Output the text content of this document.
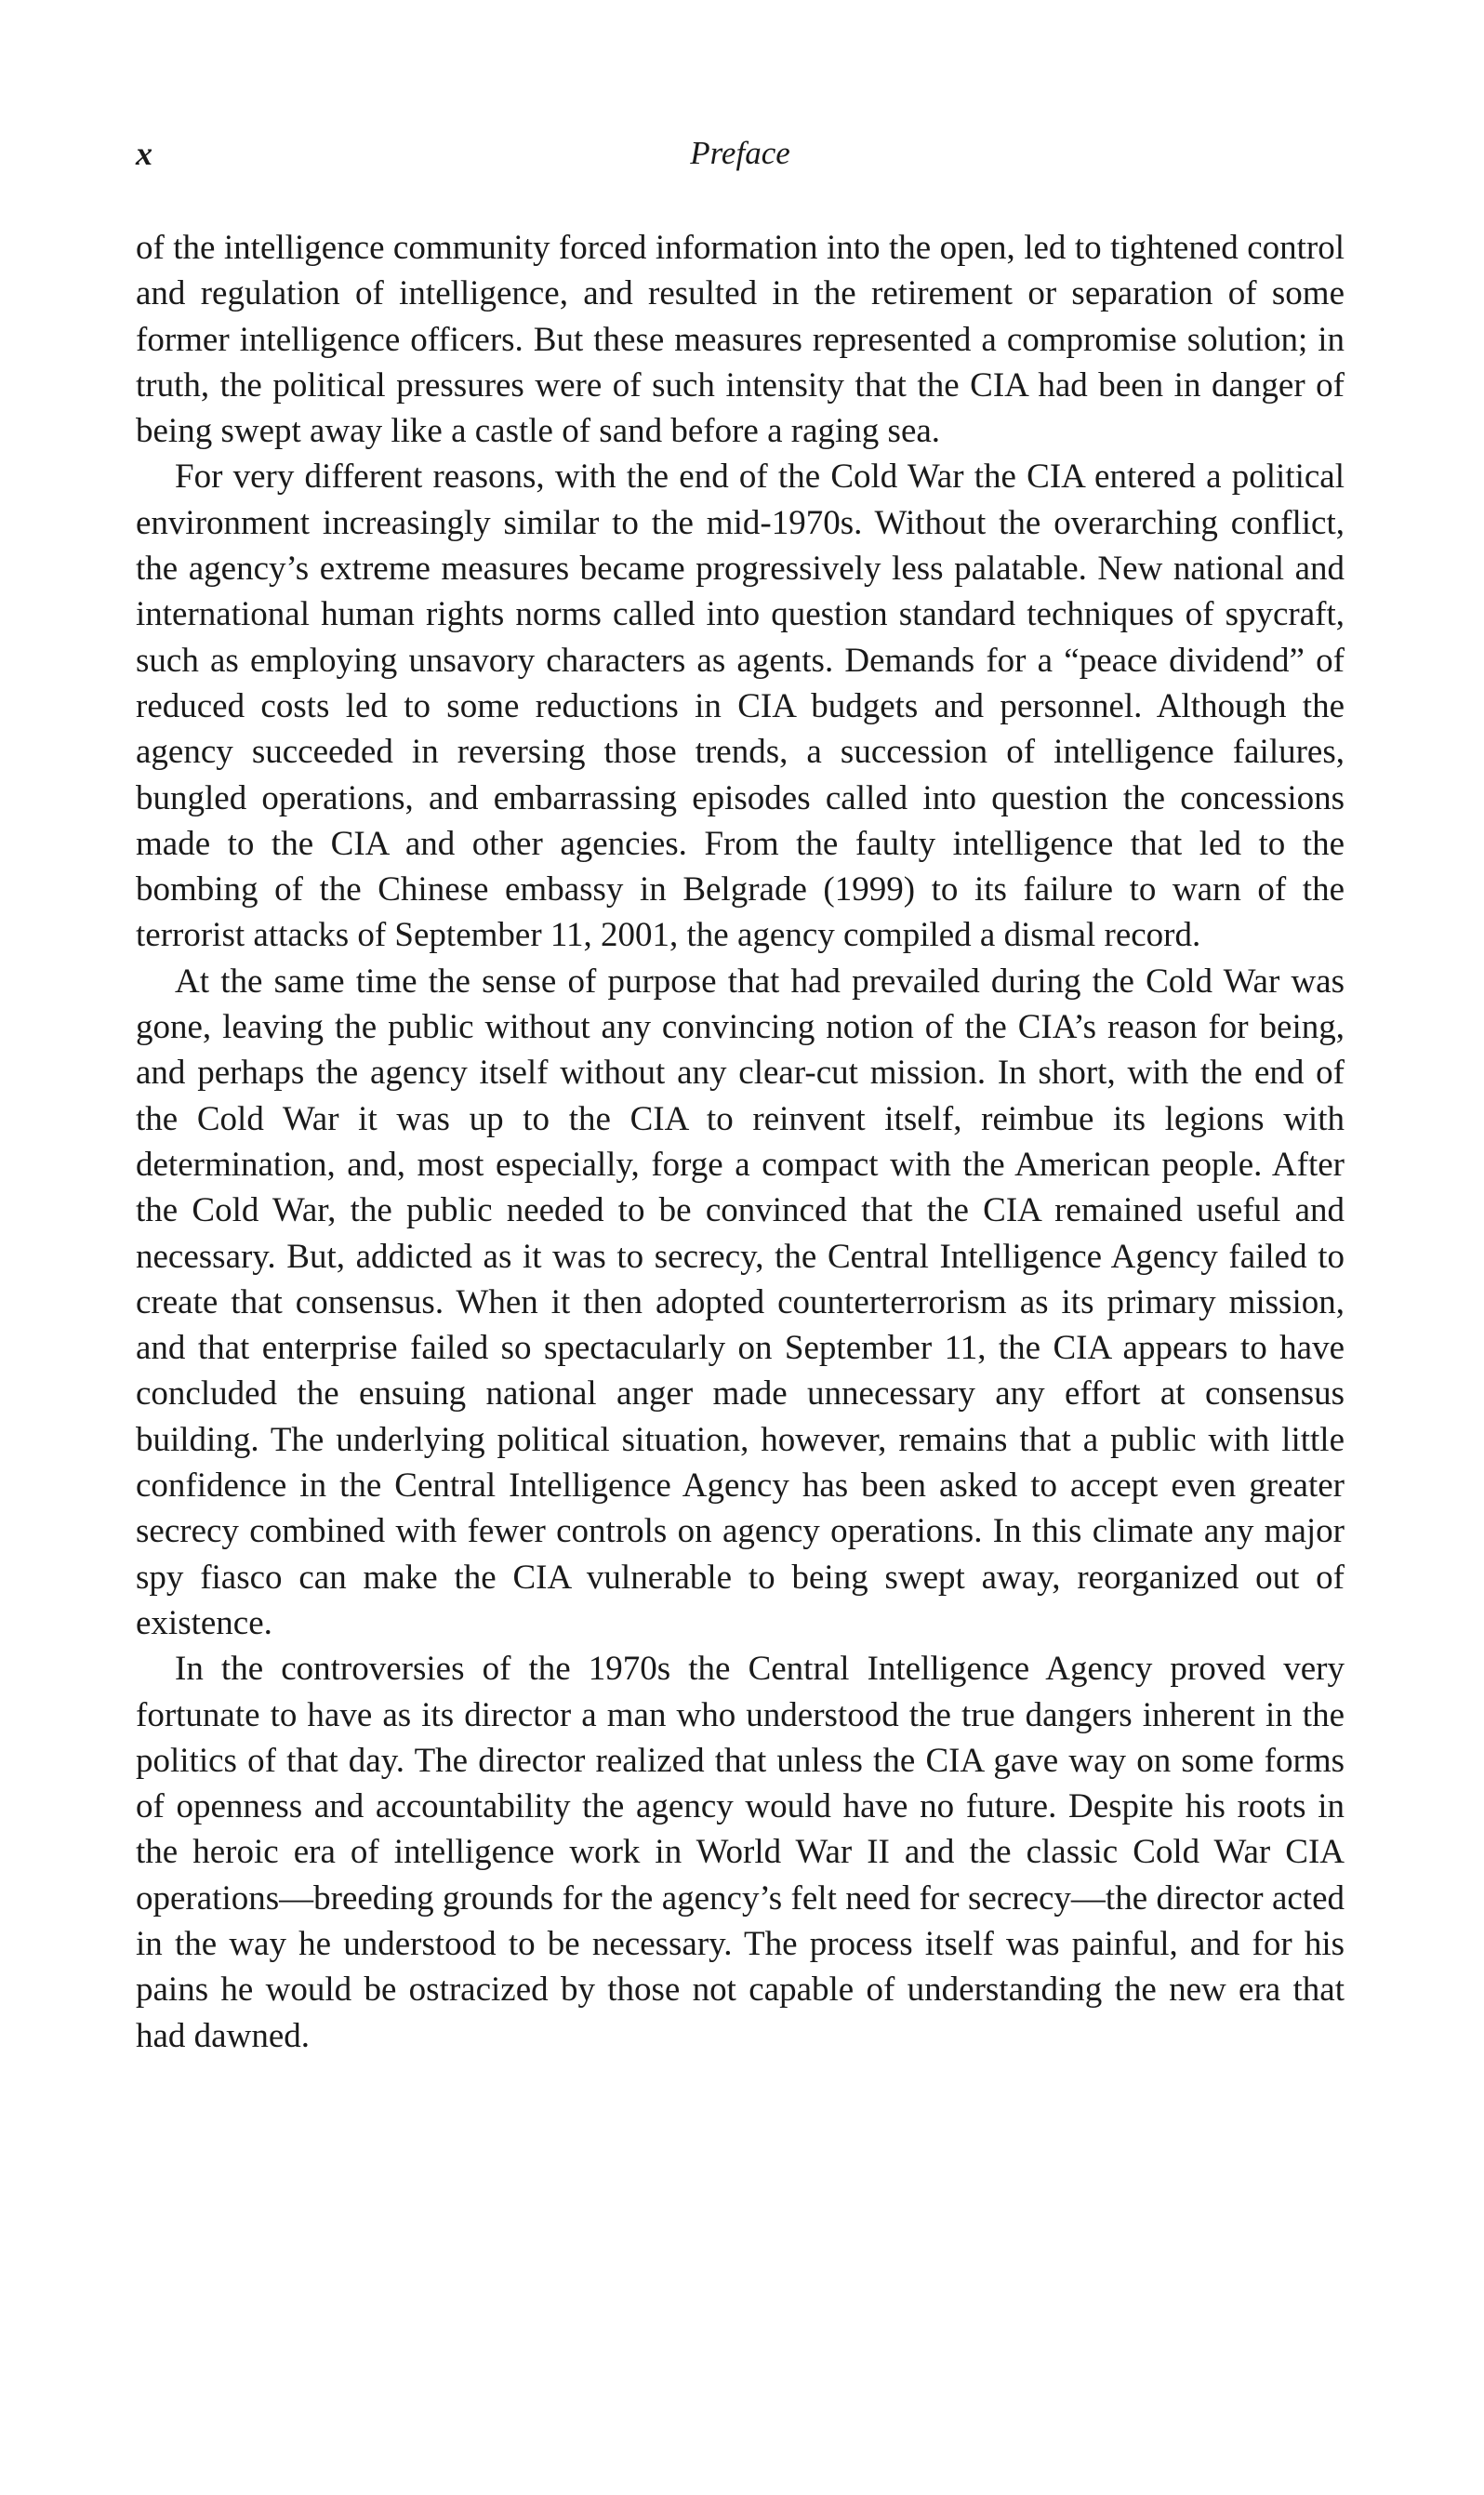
x	Preface

of the intelligence community forced information into the open, led to tightened control and regulation of intelligence, and resulted in the retirement or separation of some former intelligence officers. But these measures represented a compromise solution; in truth, the political pressures were of such intensity that the CIA had been in danger of being swept away like a castle of sand before a raging sea.

For very different reasons, with the end of the Cold War the CIA entered a political environment increasingly similar to the mid-1970s. Without the overarching conflict, the agency’s extreme measures became progressively less palatable. New national and international human rights norms called into question standard techniques of spycraft, such as employing unsavory characters as agents. Demands for a “peace dividend” of reduced costs led to some reductions in CIA budgets and personnel. Although the agency succeeded in reversing those trends, a succession of intelligence failures, bungled operations, and embarrassing episodes called into question the concessions made to the CIA and other agencies. From the faulty intelligence that led to the bombing of the Chinese embassy in Belgrade (1999) to its failure to warn of the terrorist attacks of September 11, 2001, the agency compiled a dismal record.

At the same time the sense of purpose that had prevailed during the Cold War was gone, leaving the public without any convincing notion of the CIA’s reason for being, and perhaps the agency itself without any clear-cut mission. In short, with the end of the Cold War it was up to the CIA to reinvent itself, reimbue its legions with determination, and, most especially, forge a compact with the American people. After the Cold War, the public needed to be convinced that the CIA remained useful and necessary. But, addicted as it was to secrecy, the Central Intelligence Agency failed to create that consensus. When it then adopted counterterrorism as its primary mission, and that enterprise failed so spectacularly on September 11, the CIA appears to have concluded the ensuing national anger made unnecessary any effort at consensus building. The underlying political situation, however, remains that a public with little confidence in the Central Intelligence Agency has been asked to accept even greater secrecy combined with fewer controls on agency operations. In this climate any major spy fiasco can make the CIA vulnerable to being swept away, reorganized out of existence.

In the controversies of the 1970s the Central Intelligence Agency proved very fortunate to have as its director a man who understood the true dangers inherent in the politics of that day. The director realized that unless the CIA gave way on some forms of openness and accountability the agency would have no future. Despite his roots in the heroic era of intelligence work in World War II and the classic Cold War CIA operations—breeding grounds for the agency’s felt need for secrecy—the director acted in the way he understood to be necessary. The process itself was painful, and for his pains he would be ostracized by those not capable of understanding the new era that had dawned.
